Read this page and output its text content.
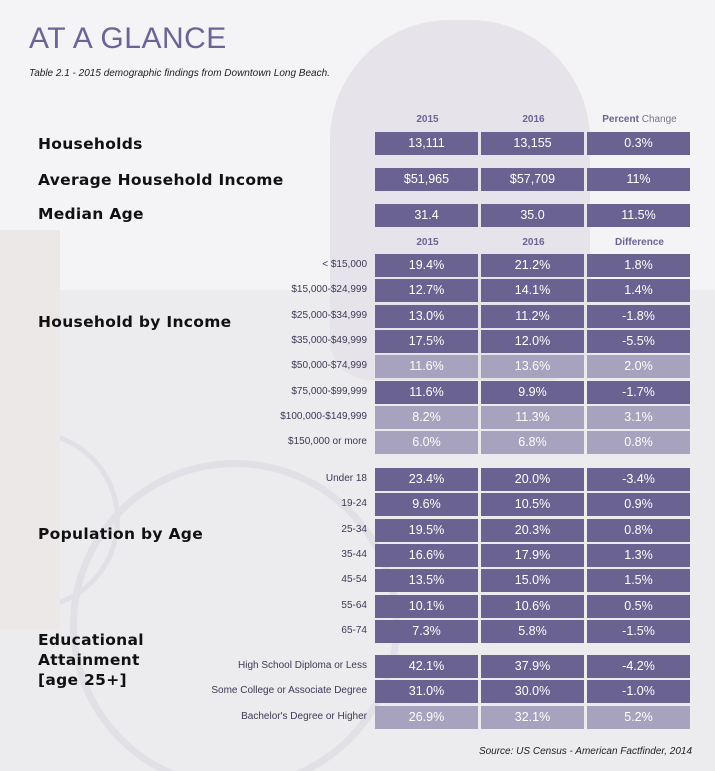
AT A GLANCE
Table 2.1 - 2015 demographic findings from Downtown Long Beach.
2015	2016	Percent Change
Households	13,111	13,155	0.3%
Average Household Income	$51,965	$57,709	11%
Median Age	31.4	35.0	11.5%
2015	2016	Difference
Household by Income
Population by Age
Educational
Attainment
[age 25+]
< $15,000	19.4%	21.2%	1.8%
$15,000-$24,999	12.7%	14.1%	1.4%
$25,000-$34,999	13.0%	11.2%	-1.8%
$35,000-$49,999	17.5%	12.0%	-5.5%
$50,000-$74,999	11.6%	13.6%	2.0%
$75,000-$99,999	11.6%	9.9%	-1.7%
$100,000-$149,999	8.2%	11.3%	3.1%
$150,000 or more	6.0%	6.8%	0.8%
Under 18	23.4%	20.0%	-3.4%
19-24	9.6%	10.5%	0.9%
25-34	19.5%	20.3%	0.8%
35-44	16.6%	17.9%	1.3%
45-54	13.5%	15.0%	1.5%
55-64	10.1%	10.6%	0.5%
65-74	7.3%	5.8%	-1.5%
High School Diploma or Less	42.1%	37.9%	-4.2%
Some College or Associate Degree	31.0%	30.0%	-1.0%
Bachelor's Degree or Higher	26.9%	32.1%	5.2%
Source: US Census - American Factfinder, 2014
